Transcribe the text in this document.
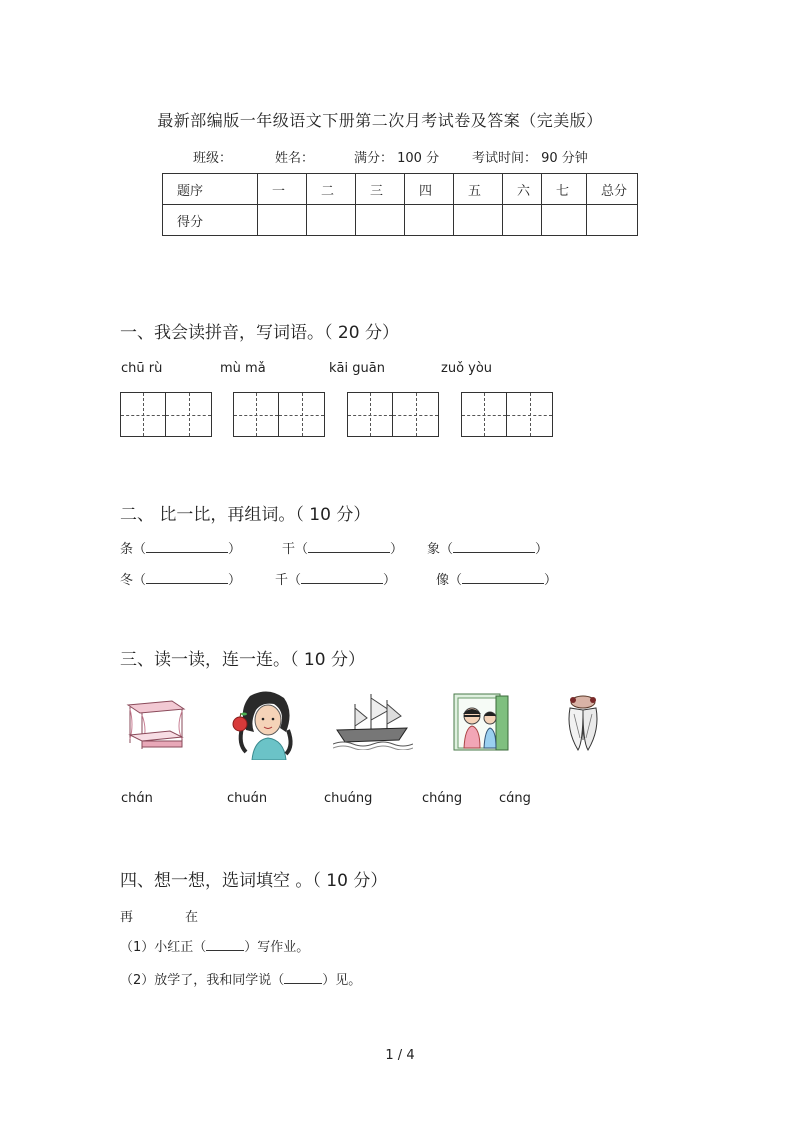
最新部编版一年级语文下册第二次月考试卷及答案（完美版）
班级：	姓名：	满分： 100 分	考试时间： 90 分钟
题序	一	二	三	四	五	六	七	总分
得分								
一、我会读拼音，写词语。（ 20 分）
chū rù	mù mǎ	kāi guān	zuǒ yòu
二、 比一比，再组词。（ 10 分）
条（	）	干（	） 象（	）
冬（	）	千（	）	像（	）
三、读一读，连一连。（ 10 分）
chɑ́n	chuɑ́n	chuɑ́ng	chɑ́ng	cɑ́ng
四、想一想，选词填空 。（ 10 分）
再	在
（1）小红正（	）写作业。
（2）放学了，我和同学说（	）见。
1 / 4
